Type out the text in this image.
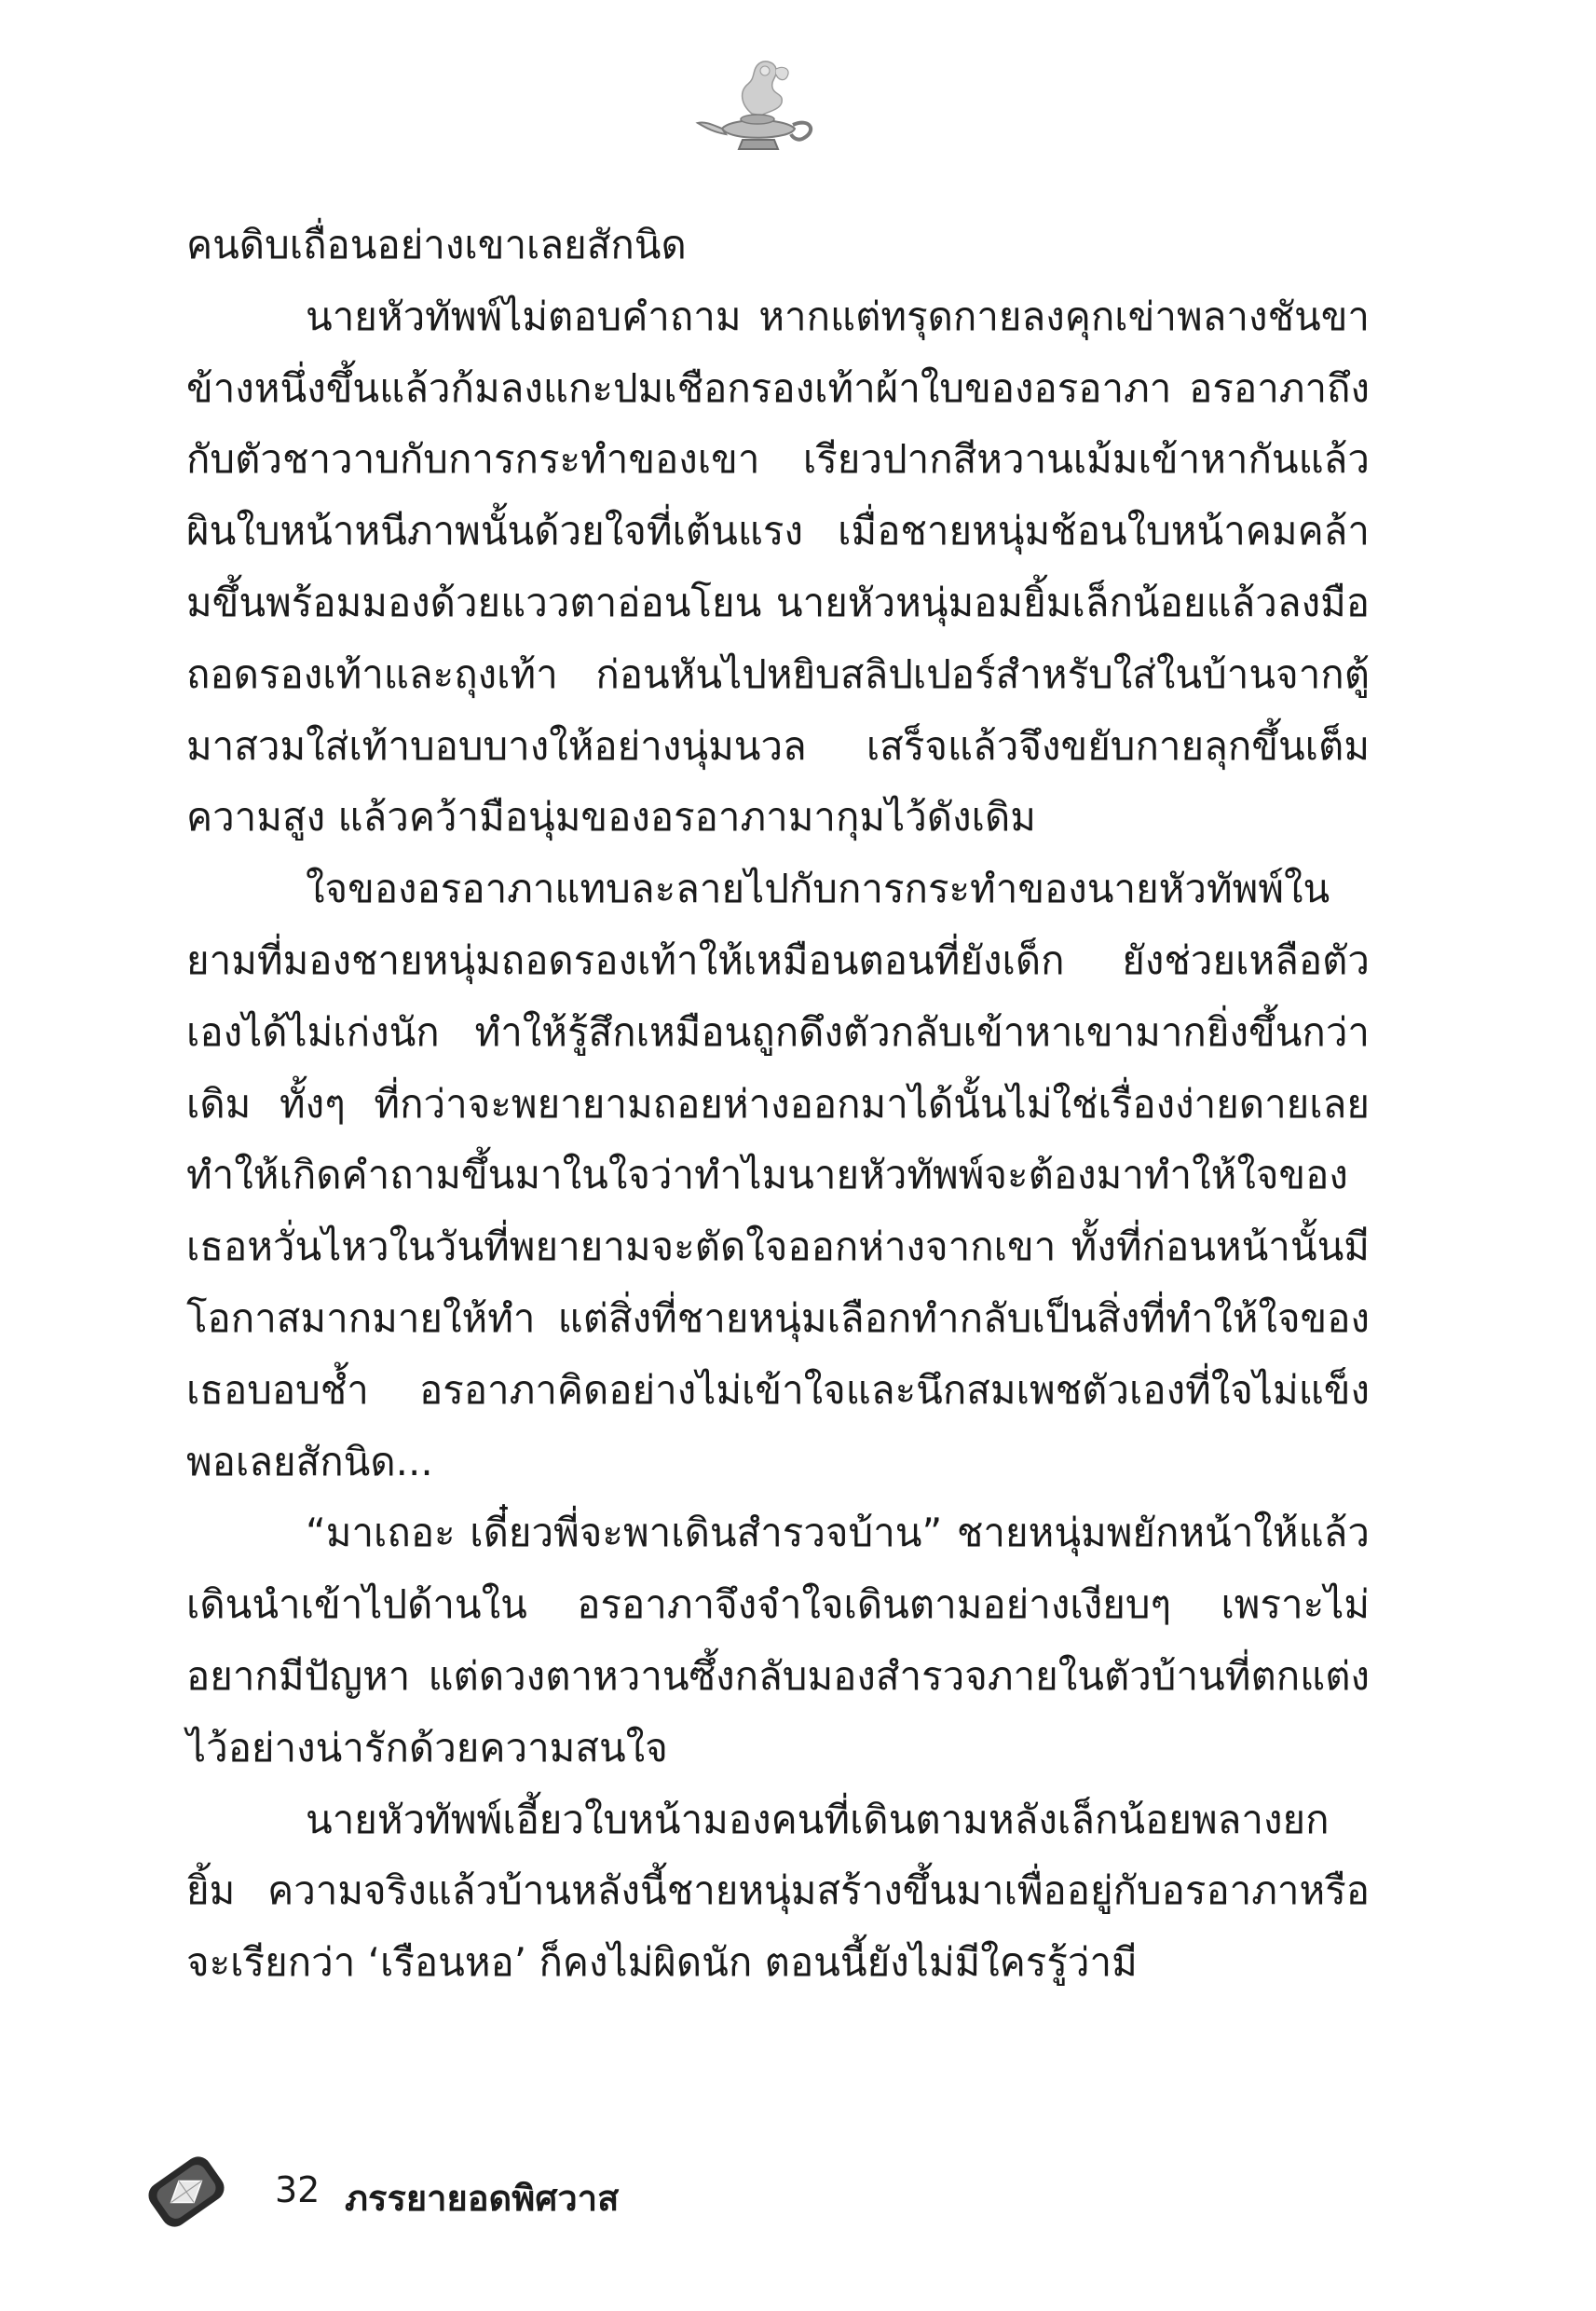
คนดิบเถื่อนอย่างเขาเลยสักนิด

นายหัวทัพพ์ไม่ตอบคำถาม หากแต่ทรุดกายลงคุกเข่าพลางชันขาข้างหนึ่งขึ้นแล้วก้มลงแกะปมเชือกรองเท้าผ้าใบของอรอาภา อรอาภาถึงกับตัวชาวาบกับการกระทำของเขา เรียวปากสีหวานเม้มเข้าหากันแล้วผินใบหน้าหนีภาพนั้นด้วยใจที่เต้นแรง เมื่อชายหนุ่มช้อนใบหน้าคมคล้ามขึ้นพร้อมมองด้วยแววตาอ่อนโยน นายหัวหนุ่มอมยิ้มเล็กน้อยแล้วลงมือถอดรองเท้าและถุงเท้า ก่อนหันไปหยิบสลิปเปอร์สำหรับใส่ในบ้านจากตู้มาสวมใส่เท้าบอบบางให้อย่างนุ่มนวล เสร็จแล้วจึงขยับกายลุกขึ้นเต็มความสูง แล้วคว้ามือนุ่มของอรอาภามากุมไว้ดังเดิม

ใจของอรอาภาแทบละลายไปกับการกระทำของนายหัวทัพพ์ในยามที่มองชายหนุ่มถอดรองเท้าให้เหมือนตอนที่ยังเด็ก ยังช่วยเหลือตัวเองได้ไม่เก่งนัก ทำให้รู้สึกเหมือนถูกดึงตัวกลับเข้าหาเขามากยิ่งขึ้นกว่าเดิม ทั้งๆ ที่กว่าจะพยายามถอยห่างออกมาได้นั้นไม่ใช่เรื่องง่ายดายเลย ทำให้เกิดคำถามขึ้นมาในใจว่าทำไมนายหัวทัพพ์จะต้องมาทำให้ใจของเธอหวั่นไหวในวันที่พยายามจะตัดใจออกห่างจากเขา ทั้งที่ก่อนหน้านั้นมีโอกาสมากมายให้ทำ แต่สิ่งที่ชายหนุ่มเลือกทำกลับเป็นสิ่งที่ทำให้ใจของเธอบอบช้ำ อรอาภาคิดอย่างไม่เข้าใจและนึกสมเพชตัวเองที่ใจไม่แข็งพอเลยสักนิด...

“มาเถอะ เดี๋ยวพี่จะพาเดินสำรวจบ้าน” ชายหนุ่มพยักหน้าให้แล้วเดินนำเข้าไปด้านใน อรอาภาจึงจำใจเดินตามอย่างเงียบๆ เพราะไม่อยากมีปัญหา แต่ดวงตาหวานซึ้งกลับมองสำรวจภายในตัวบ้านที่ตกแต่งไว้อย่างน่ารักด้วยความสนใจ

นายหัวทัพพ์เอี้ยวใบหน้ามองคนที่เดินตามหลังเล็กน้อยพลางยกยิ้ม ความจริงแล้วบ้านหลังนี้ชายหนุ่มสร้างขึ้นมาเพื่ออยู่กับอรอาภาหรือจะเรียกว่า ‘เรือนหอ’ ก็คงไม่ผิดนัก ตอนนี้ยังไม่มีใครรู้ว่ามี

32 ภรรยายอดพิศวาส
